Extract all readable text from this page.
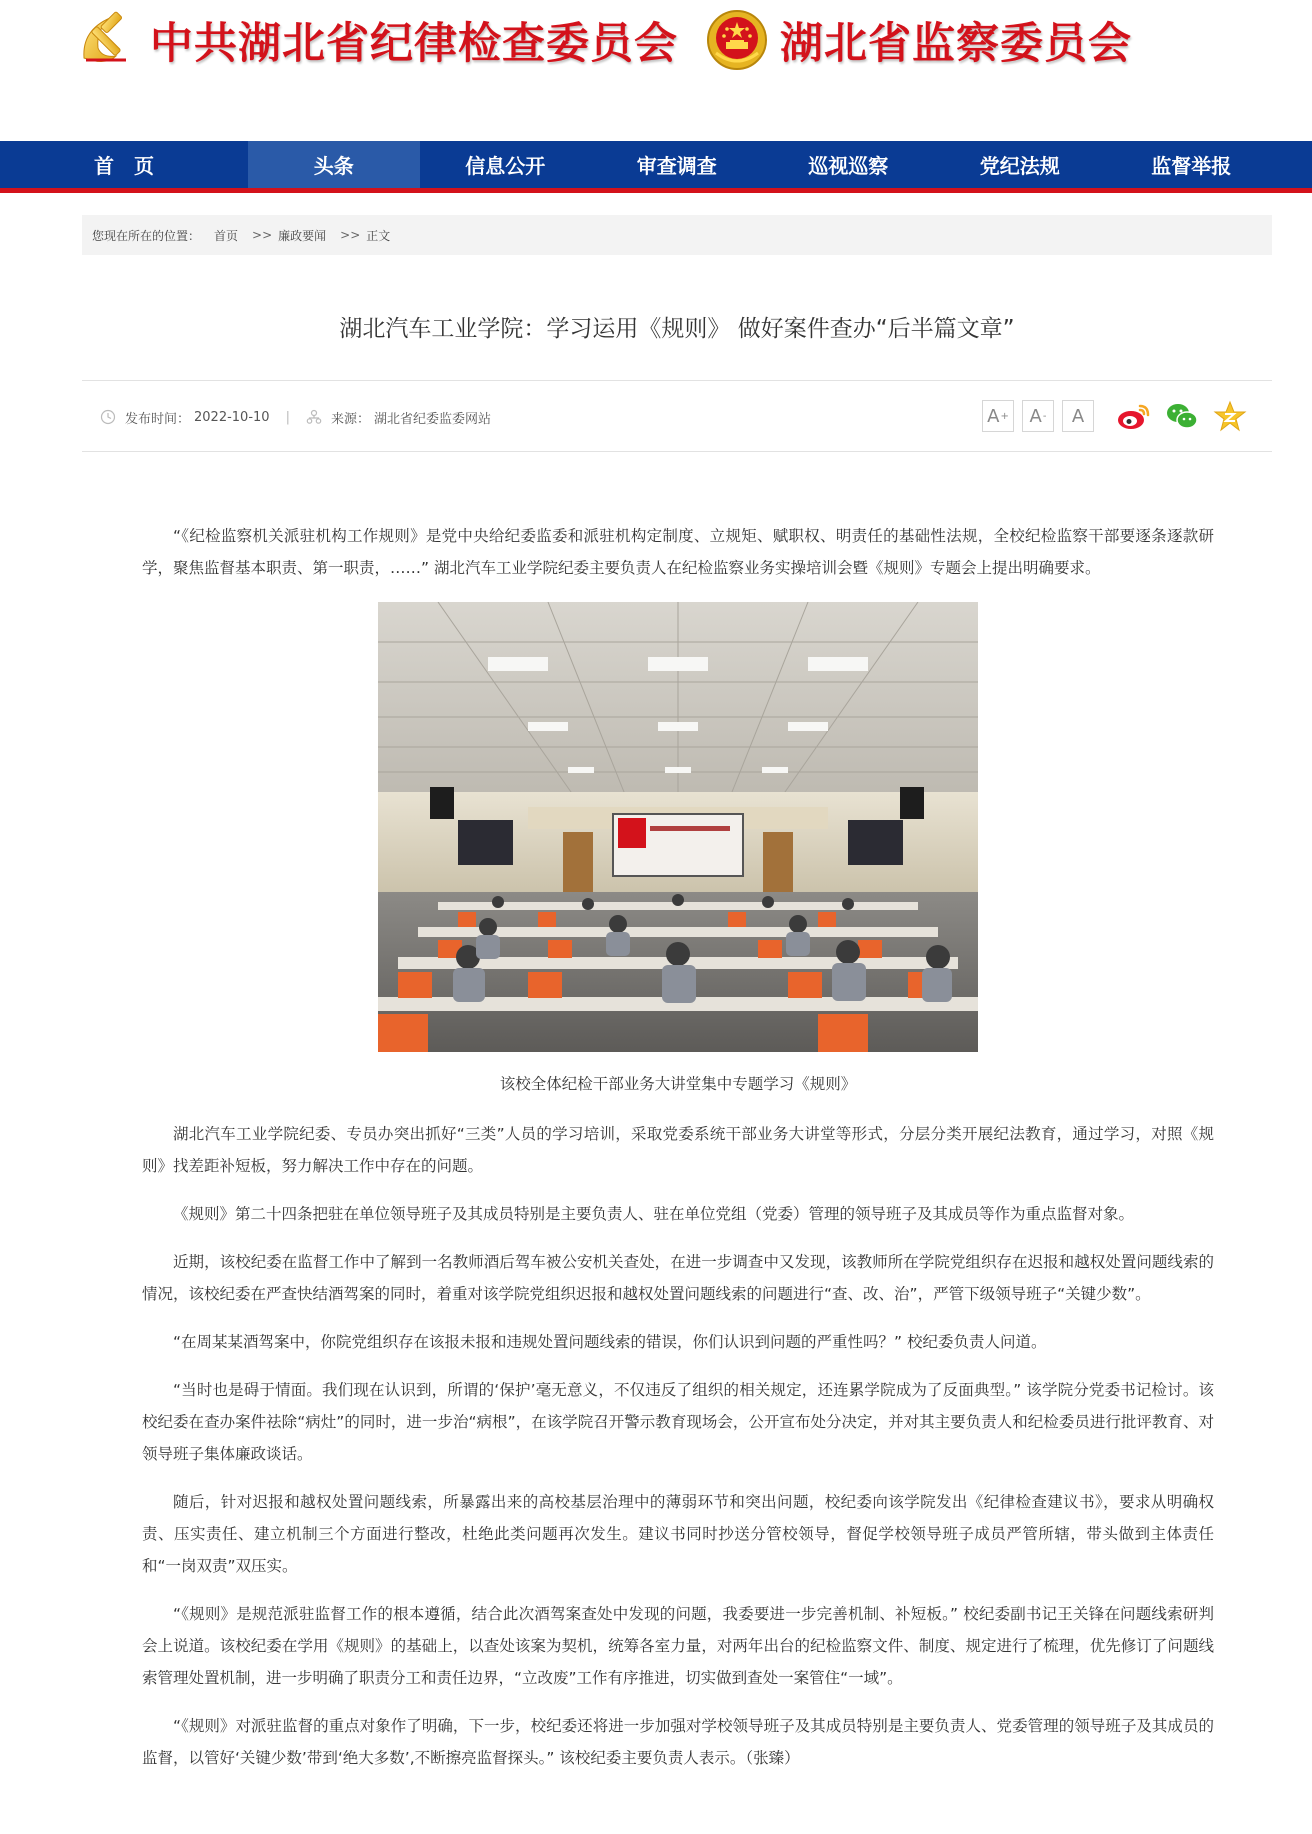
中共湖北省纪律检查委员会 湖北省监察委员会
首　页	头条	信息公开	审查调查	巡视巡察	党纪法规	监督举报
您现在所在的位置： 首页 >> 廉政要闻 >> 正文
湖北汽车工业学院：学习运用《规则》 做好案件查办“后半篇文章”
发布时间： 2022-10-10 |	来源： 湖北省纪委监委网站	A + A - A

“《纪检监察机关派驻机构工作规则》是党中央给纪委监委和派驻机构定制度、立规矩、赋职权、明责任的基础性法规，全校纪检监察干部要逐条逐款研学，聚焦监督基本职责、第一职责，……” 湖北汽车工业学院纪委主要负责人在纪检监察业务实操培训会暨《规则》专题会上提出明确要求。

该校全体纪检干部业务大讲堂集中专题学习《规则》

湖北汽车工业学院纪委、专员办突出抓好“三类”人员的学习培训，采取党委系统干部业务大讲堂等形式，分层分类开展纪法教育，通过学习，对照《规则》找差距补短板，努力解决工作中存在的问题。

《规则》第二十四条把驻在单位领导班子及其成员特别是主要负责人、驻在单位党组（党委）管理的领导班子及其成员等作为重点监督对象。

近期，该校纪委在监督工作中了解到一名教师酒后驾车被公安机关查处，在进一步调查中又发现，该教师所在学院党组织存在迟报和越权处置问题线索的情况，该校纪委在严查快结酒驾案的同时，着重对该学院党组织迟报和越权处置问题线索的问题进行“查、改、治”，严管下级领导班子“关键少数”。

“在周某某酒驾案中，你院党组织存在该报未报和违规处置问题线索的错误，你们认识到问题的严重性吗？” 校纪委负责人问道。

“当时也是碍于情面。我们现在认识到，所谓的‘保护’毫无意义，不仅违反了组织的相关规定，还连累学院成为了反面典型。” 该学院分党委书记检讨。该校纪委在查办案件祛除“病灶”的同时，进一步治“病根”，在该学院召开警示教育现场会，公开宣布处分决定，并对其主要负责人和纪检委员进行批评教育、对领导班子集体廉政谈话。

随后，针对迟报和越权处置问题线索，所暴露出来的高校基层治理中的薄弱环节和突出问题，校纪委向该学院发出《纪律检查建议书》，要求从明确权责、压实责任、建立机制三个方面进行整改，杜绝此类问题再次发生。建议书同时抄送分管校领导，督促学校领导班子成员严管所辖，带头做到主体责任和“一岗双责”双压实。

“《规则》是规范派驻监督工作的根本遵循，结合此次酒驾案查处中发现的问题，我委要进一步完善机制、补短板。” 校纪委副书记王关锋在问题线索研判会上说道。该校纪委在学用《规则》的基础上，以查处该案为契机，统筹各室力量，对两年出台的纪检监察文件、制度、规定进行了梳理，优先修订了问题线索管理处置机制，进一步明确了职责分工和责任边界，“立改废”工作有序推进，切实做到查处一案管住“一域”。

“《规则》对派驻监督的重点对象作了明确，下一步，校纪委还将进一步加强对学校领导班子及其成员特别是主要负责人、党委管理的领导班子及其成员的监督，以管好‘关键少数’带到‘绝大多数’,不断擦亮监督探头。” 该校纪委主要负责人表示。（张臻）
